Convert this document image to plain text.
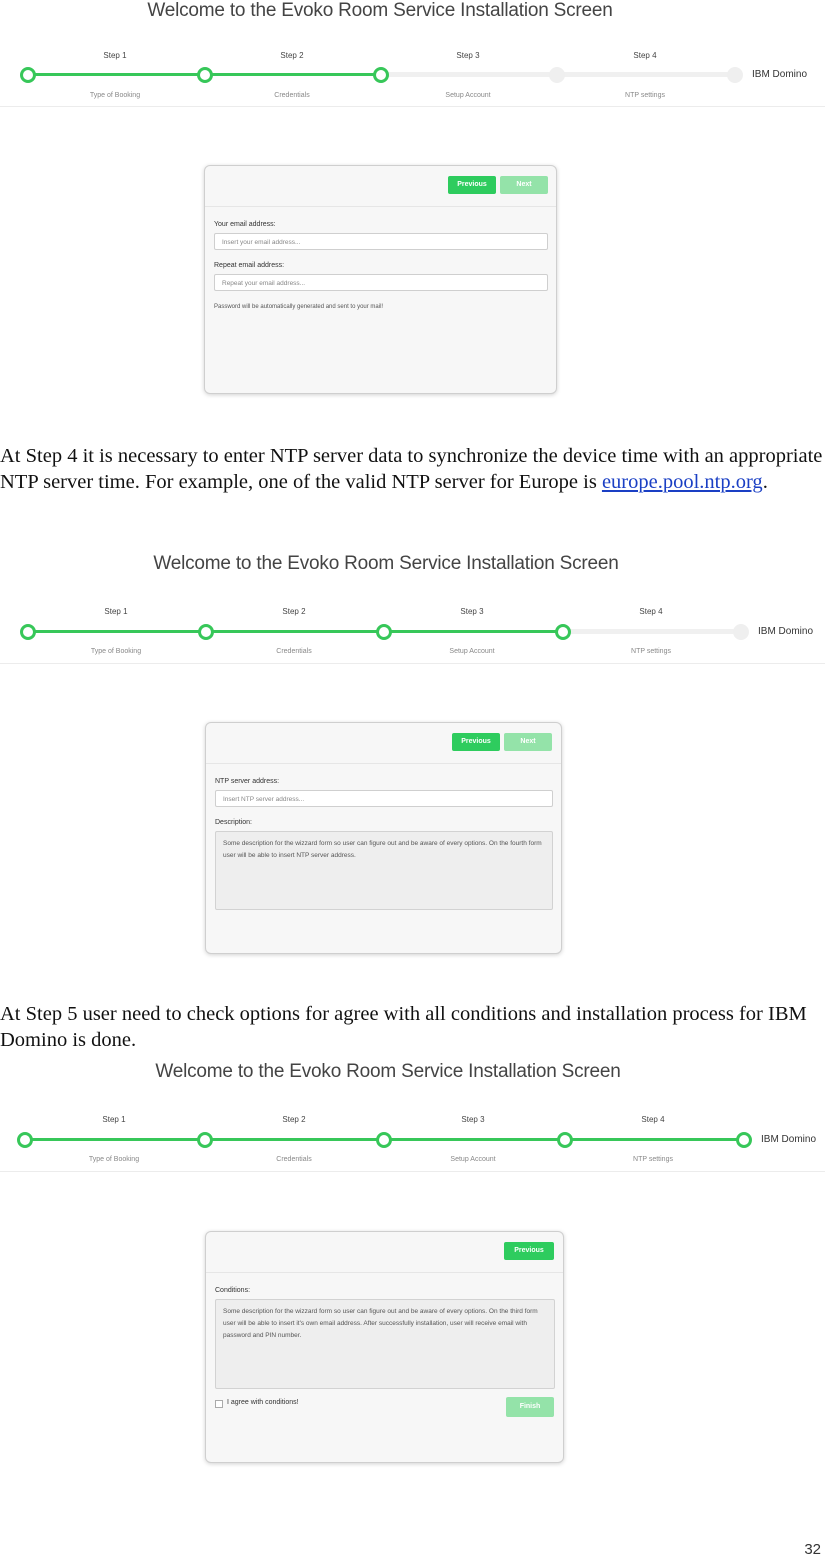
Welcome to the Evoko Room Service Installation Screen
Step 1	Step 2	Step 3	Step 4
Type of Booking	Credentials	Setup Account	NTP settings
IBM Domino
Previous	Next
Your email address:
Insert your email address...
Repeat email address:
Repeat your email address...
Password will be automatically generated and sent to your mail!
At Step 4 it is necessary to enter NTP server data to synchronize the device time with an appropriate NTP server time. For example, one of the valid NTP server for Europe is europe.pool.ntp.org.
Welcome to the Evoko Room Service Installation Screen
Step 1	Step 2	Step 3	Step 4
Type of Booking	Credentials	Setup Account	NTP settings
IBM Domino
Previous	Next
NTP server address:
Insert NTP server address...
Description:
Some description for the wizzard form so user can figure out and be aware of every options. On the fourth form user will be able to insert NTP server address.
At Step 5 user need to check options for agree with all conditions and installation process for IBM Domino is done.
Welcome to the Evoko Room Service Installation Screen
Step 1	Step 2	Step 3	Step 4
Type of Booking	Credentials	Setup Account	NTP settings
IBM Domino
Previous
Conditions:
Some description for the wizzard form so user can figure out and be aware of every options. On the third form user will be able to insert it's own email address. After successfully installation, user will receive email with password and PIN number.
I agree with conditions!
Finish
32
